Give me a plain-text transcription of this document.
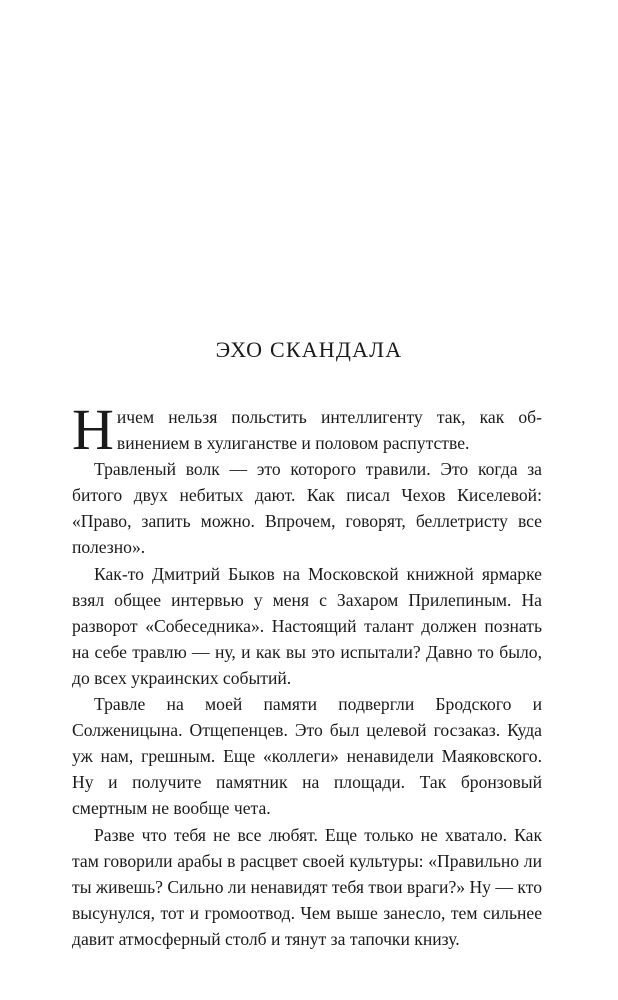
ЭХО СКАНДАЛА

Ничем нельзя польстить интеллигенту так, как обвинением в хулиганстве и половом распутстве.

Травленый волк — это которого травили. Это когда за битого двух небитых дают. Как писал Чехов Киселевой: «Право, запить можно. Впрочем, говорят, беллетристу все полезно».

Как-то Дмитрий Быков на Московской книжной ярмарке взял общее интервью у меня с Захаром Прилепиным. На разворот «Собеседника». Настоящий талант должен познать на себе травлю — ну, и как вы это испытали? Давно то было, до всех украинских событий.

Травле на моей памяти подвергли Бродского и Солженицына. Отщепенцев. Это был целевой госзаказ. Куда уж нам, грешным. Еще «коллеги» ненавидели Маяковского. Ну и получите памятник на площади. Так бронзовый смертным не вообще чета.

Разве что тебя не все любят. Еще только не хватало. Как там говорили арабы в расцвет своей культуры: «Правильно ли ты живешь? Сильно ли ненавидят тебя твои враги?» Ну — кто высунулся, тот и громоотвод. Чем выше занесло, тем сильнее давит атмосферный столб и тянут за тапочки книзу.
